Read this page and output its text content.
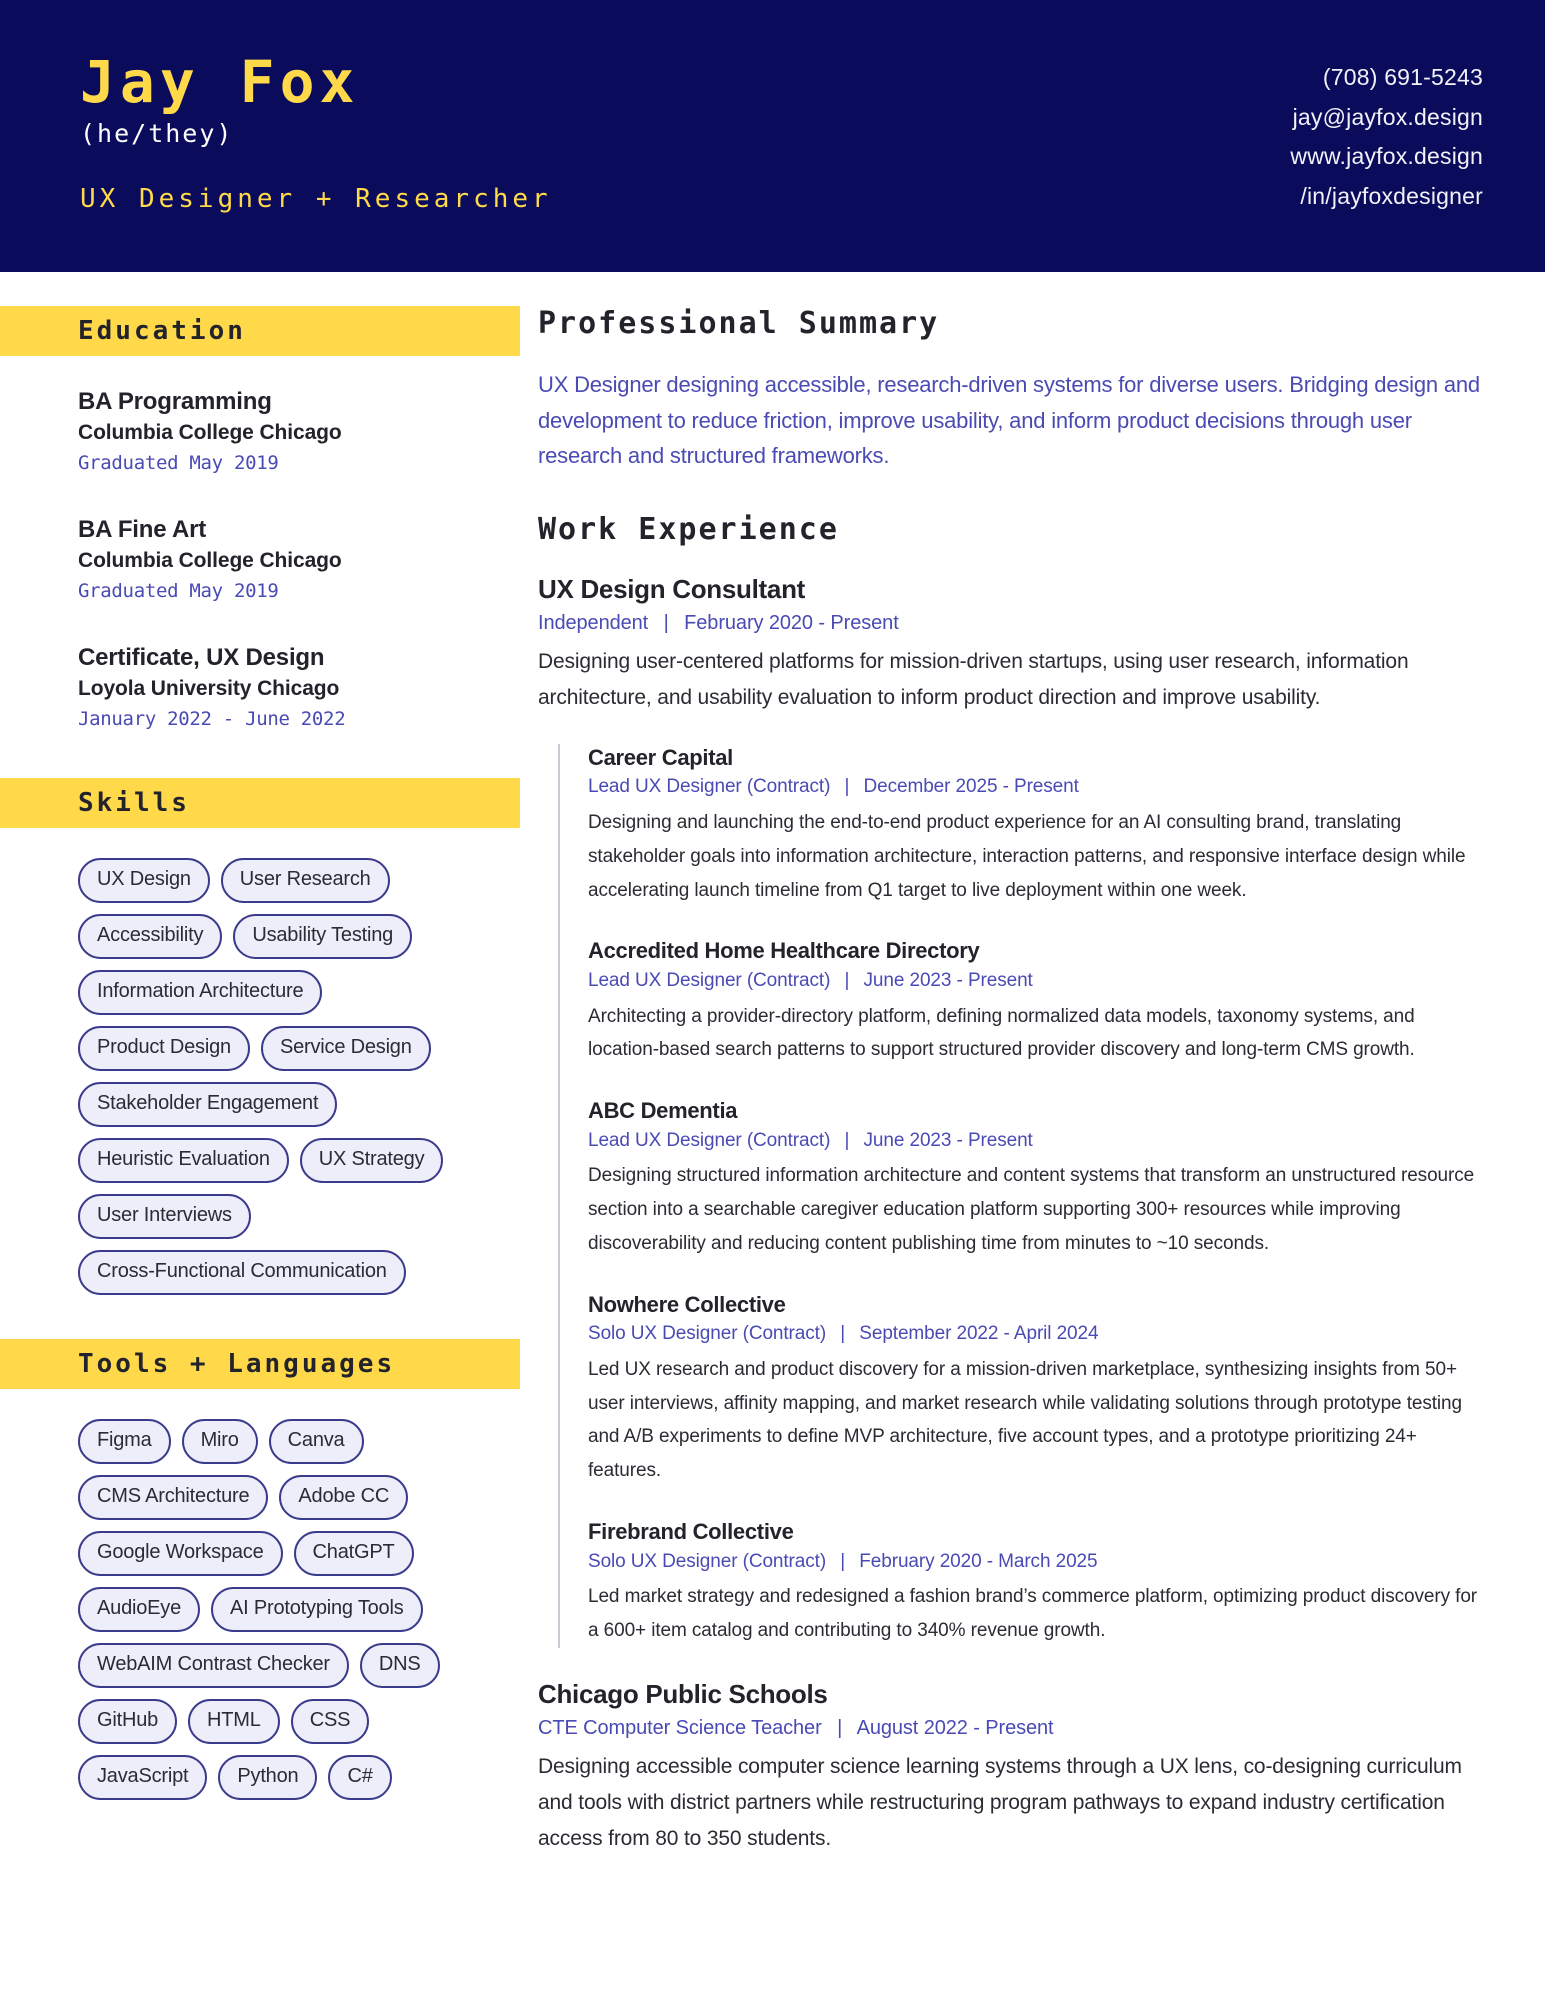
Jay Fox
(he/they)
UX Designer + Researcher
(708) 691-5243
jay@jayfox.design
www.jayfox.design
/in/jayfoxdesigner
Education
BA Programming
Columbia College Chicago
Graduated May 2019
BA Fine Art
Columbia College Chicago
Graduated May 2019
Certificate, UX Design
Loyola University Chicago
January 2022 - June 2022
Skills
UX Design	User Research
Accessibility	Usability Testing
Information Architecture
Product Design	Service Design
Stakeholder Engagement
Heuristic Evaluation	UX Strategy
User Interviews
Cross-Functional Communication
Tools + Languages
Figma	Miro	Canva
CMS Architecture	Adobe CC
Google Workspace	ChatGPT
AudioEye	AI Prototyping Tools
WebAIM Contrast Checker	DNS
GitHub	HTML	CSS
JavaScript	Python	C#
Professional Summary
UX Designer designing accessible, research-driven systems for diverse users. Bridging design and development to reduce friction, improve usability, and inform product decisions through user research and structured frameworks.
Work Experience
UX Design Consultant
Independent | February 2020 - Present
Designing user-centered platforms for mission-driven startups, using user research, information architecture, and usability evaluation to inform product direction and improve usability.
Career Capital
Lead UX Designer (Contract) | December 2025 - Present
Designing and launching the end-to-end product experience for an AI consulting brand, translating stakeholder goals into information architecture, interaction patterns, and responsive interface design while accelerating launch timeline from Q1 target to live deployment within one week.
Accredited Home Healthcare Directory
Lead UX Designer (Contract) | June 2023 - Present
Architecting a provider-directory platform, defining normalized data models, taxonomy systems, and location-based search patterns to support structured provider discovery and long-term CMS growth.
ABC Dementia
Lead UX Designer (Contract) | June 2023 - Present
Designing structured information architecture and content systems that transform an unstructured resource section into a searchable caregiver education platform supporting 300+ resources while improving discoverability and reducing content publishing time from minutes to ~10 seconds.
Nowhere Collective
Solo UX Designer (Contract) | September 2022 - April 2024
Led UX research and product discovery for a mission-driven marketplace, synthesizing insights from 50+ user interviews, affinity mapping, and market research while validating solutions through prototype testing and A/B experiments to define MVP architecture, five account types, and a prototype prioritizing 24+ features.
Firebrand Collective
Solo UX Designer (Contract) | February 2020 - March 2025
Led market strategy and redesigned a fashion brand’s commerce platform, optimizing product discovery for a 600+ item catalog and contributing to 340% revenue growth.
Chicago Public Schools
CTE Computer Science Teacher | August 2022 - Present
Designing accessible computer science learning systems through a UX lens, co-designing curriculum and tools with district partners while restructuring program pathways to expand industry certification access from 80 to 350 students.
